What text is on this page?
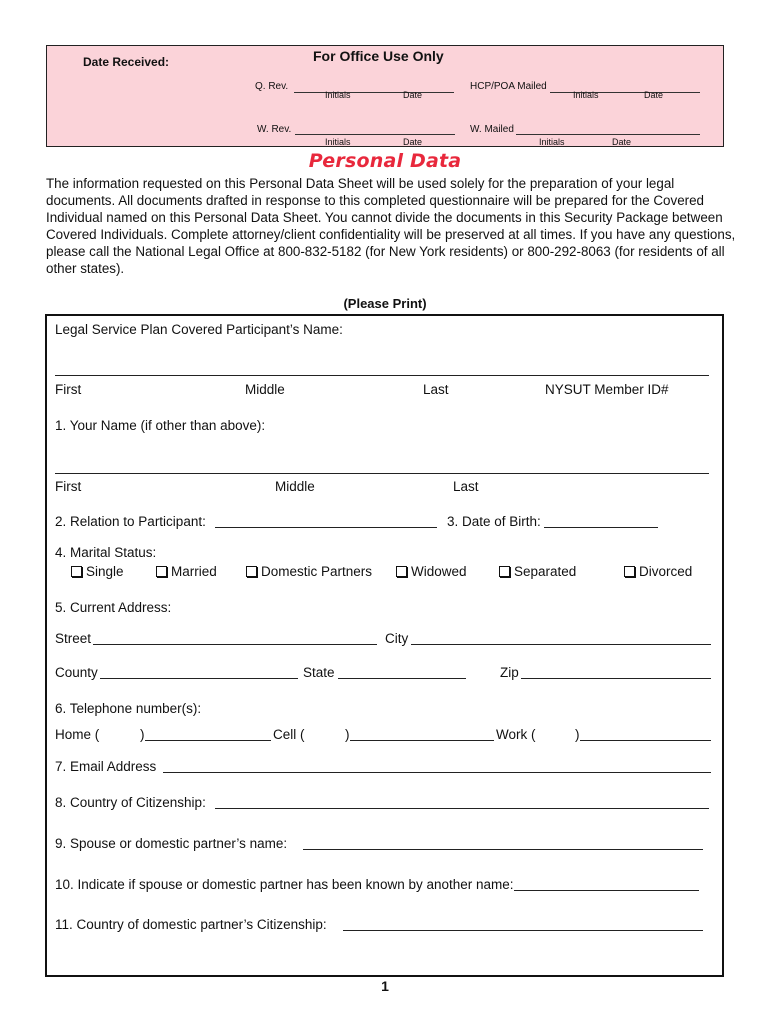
For Office Use Only
Date Received:
Q. Rev.
Initials	Date
HCP/POA Mailed
Initials	Date
W. Rev.
Initials	Date
W. Mailed
Initials	Date
Personal Data
The information requested on this Personal Data Sheet will be used solely for the preparation of your legal documents. All documents drafted in response to this completed questionnaire will be prepared for the Covered Individual named on this Personal Data Sheet. You cannot divide the documents in this Security Package between Covered Individuals. Complete attorney/client confidentiality will be preserved at all times. If you have any questions, please call the National Legal Office at 800-832-5182 (for New York residents) or 800-292-8063 (for residents of all other states).
(Please Print)
Legal Service Plan Covered Participant’s Name:
First	Middle	Last	NYSUT Member ID#
1. Your Name (if other than above):
First	Middle	Last
2. Relation to Participant:	3. Date of Birth:
4. Marital Status:
Single	Married	Domestic Partners	Widowed	Separated	Divorced
5. Current Address:
Street	City
County	State	Zip
6. Telephone number(s):
Home (	)	Cell (	)	Work (	)
7. Email Address
8. Country of Citizenship:
9. Spouse or domestic partner’s name:
10. Indicate if spouse or domestic partner has been known by another name:
11. Country of domestic partner’s Citizenship:
1
